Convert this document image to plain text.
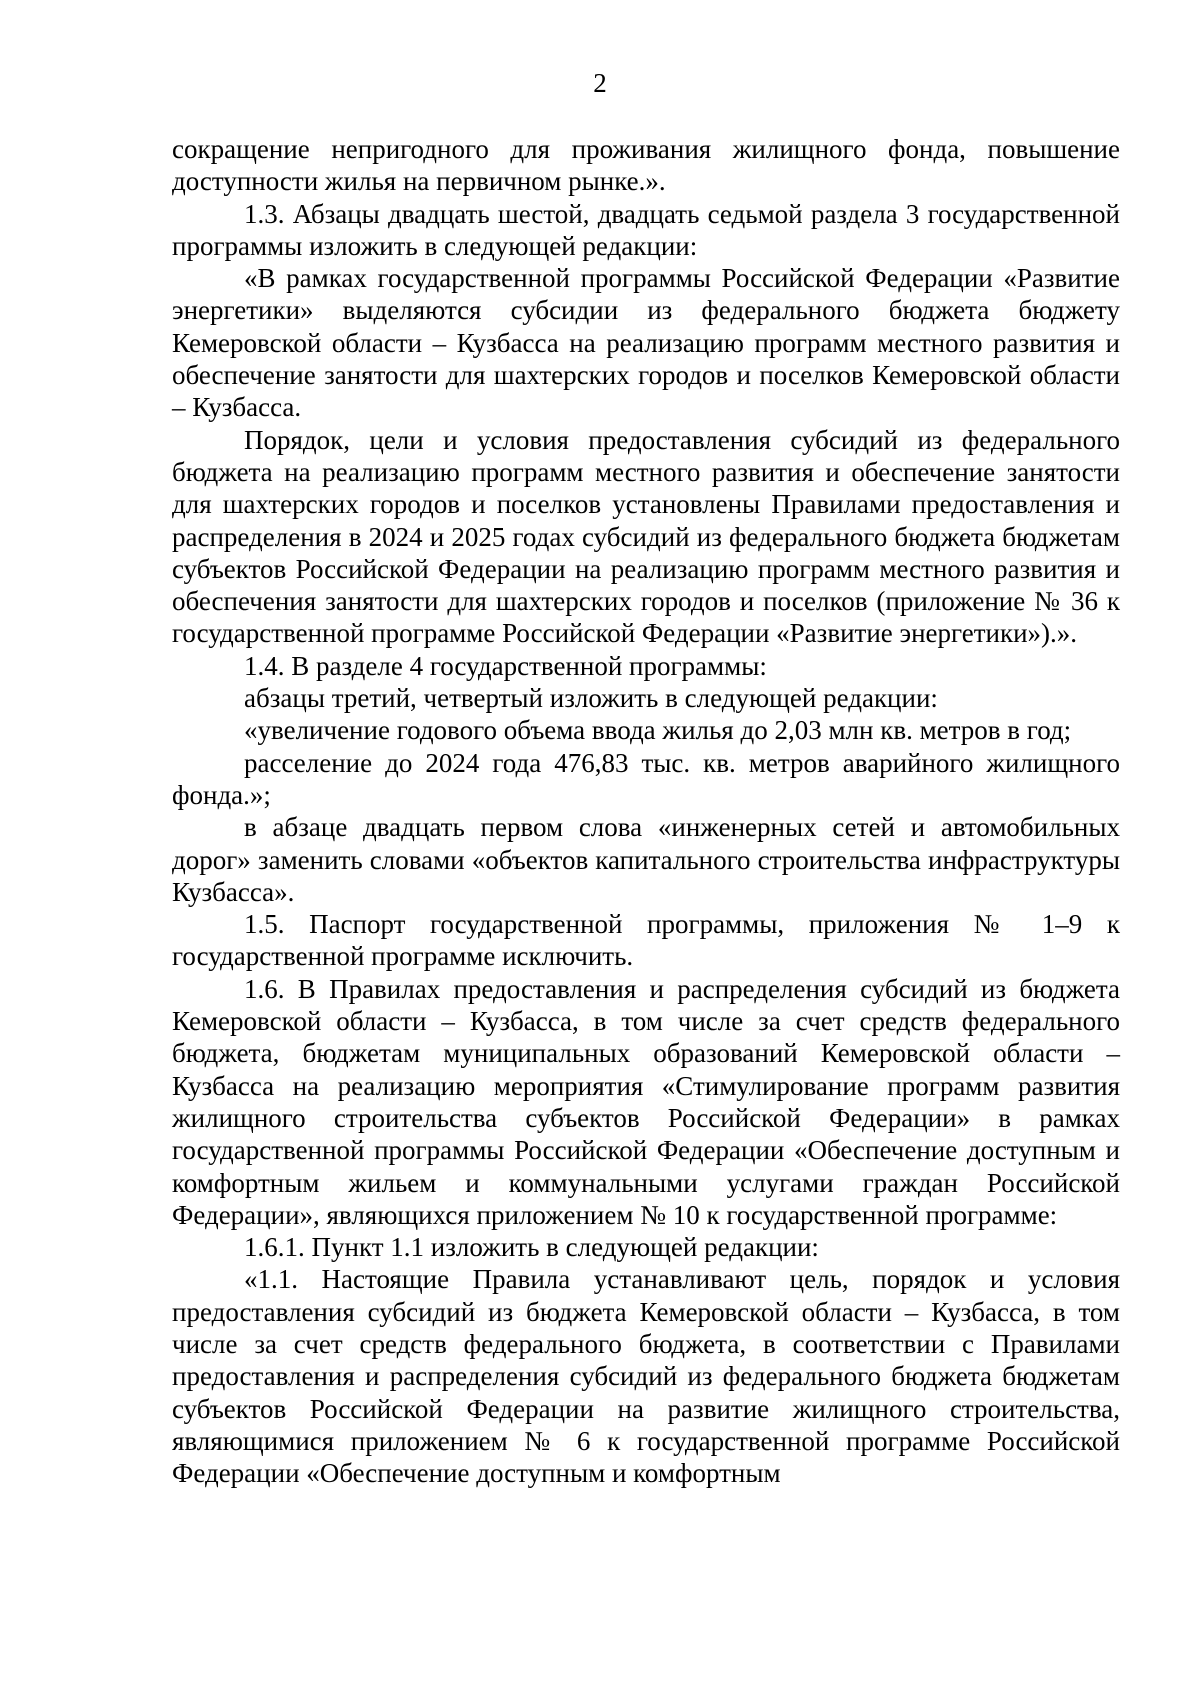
2

сокращение непригодного для проживания жилищного фонда, повышение доступности жилья на первичном рынке.».

1.3. Абзацы двадцать шестой, двадцать седьмой раздела 3 государственной программы изложить в следующей редакции:

«В рамках государственной программы Российской Федерации «Развитие энергетики» выделяются субсидии из федерального бюджета бюджету Кемеровской области – Кузбасса на реализацию программ местного развития и обеспечение занятости для шахтерских городов и поселков Кемеровской области – Кузбасса.

Порядок, цели и условия предоставления субсидий из федерального бюджета на реализацию программ местного развития и обеспечение занятости для шахтерских городов и поселков установлены Правилами предоставления и распределения в 2024 и 2025 годах субсидий из федерального бюджета бюджетам субъектов Российской Федерации на реализацию программ местного развития и обеспечения занятости для шахтерских городов и поселков (приложение № 36 к государственной программе Российской Федерации «Развитие энергетики»).».

1.4. В разделе 4 государственной программы:

абзацы третий, четвертый изложить в следующей редакции:

«увеличение годового объема ввода жилья до 2,03 млн кв. метров в год;

расселение до 2024 года 476,83 тыс. кв. метров аварийного жилищного фонда.»;

в абзаце двадцать первом слова «инженерных сетей и автомобильных дорог» заменить словами «объектов капитального строительства инфраструктуры Кузбасса».

1.5. Паспорт государственной программы, приложения № 1–9 к государственной программе исключить.

1.6. В Правилах предоставления и распределения субсидий из бюджета Кемеровской области – Кузбасса, в том числе за счет средств федерального бюджета, бюджетам муниципальных образований Кемеровской области – Кузбасса на реализацию мероприятия «Стимулирование программ развития жилищного строительства субъектов Российской Федерации» в рамках государственной программы Российской Федерации «Обеспечение доступным и комфортным жильем и коммунальными услугами граждан Российской Федерации», являющихся приложением № 10 к государственной программе:

1.6.1. Пункт 1.1 изложить в следующей редакции:

«1.1. Настоящие Правила устанавливают цель, порядок и условия предоставления субсидий из бюджета Кемеровской области – Кузбасса, в том числе за счет средств федерального бюджета, в соответствии с Правилами предоставления и распределения субсидий из федерального бюджета бюджетам субъектов Российской Федерации на развитие жилищного строительства, являющимися приложением № 6 к государственной программе Российской Федерации «Обеспечение доступным и комфортным
